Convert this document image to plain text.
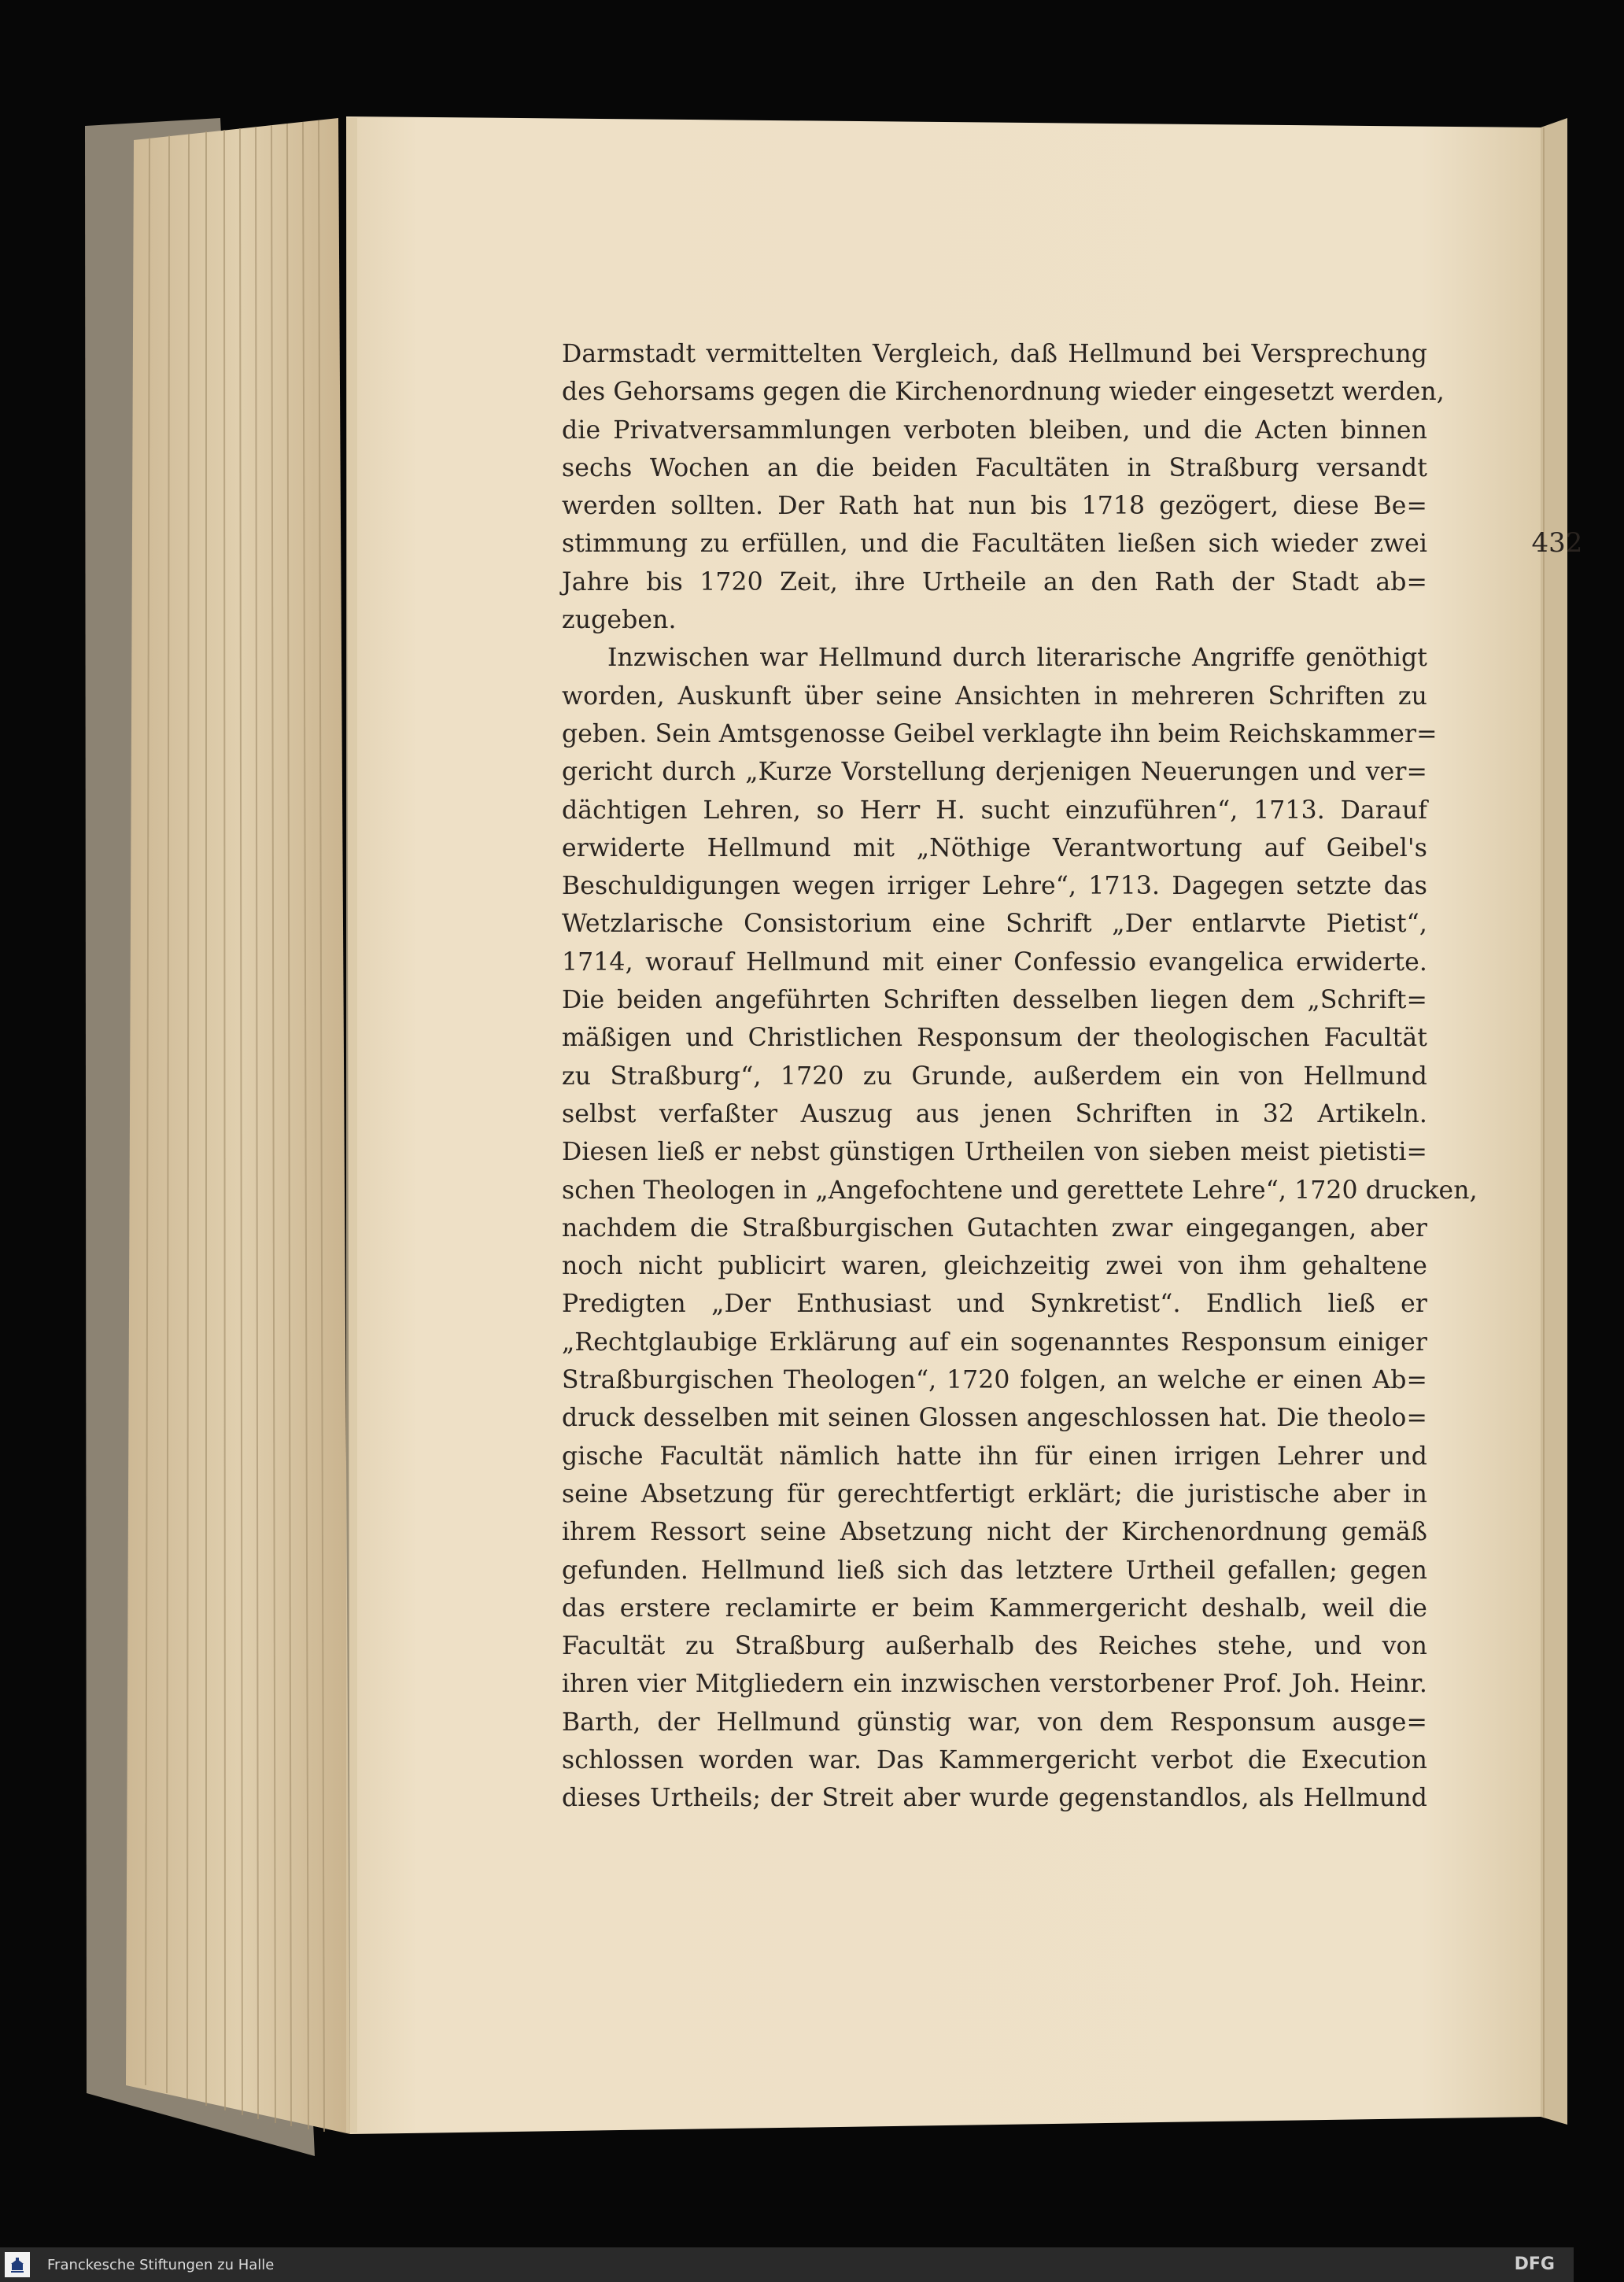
432
Darmstadt vermittelten Vergleich, daß Hellmund bei Versprechung
des Gehorsams gegen die Kirchenordnung wieder eingesetzt werden,
die Privatversammlungen verboten bleiben, und die Acten binnen
sechs Wochen an die beiden Facultäten in Straßburg versandt
werden sollten. Der Rath hat nun bis 1718 gezögert, diese Be=
stimmung zu erfüllen, und die Facultäten ließen sich wieder zwei
Jahre bis 1720 Zeit, ihre Urtheile an den Rath der Stadt ab=
zugeben.
Inzwischen war Hellmund durch literarische Angriffe genöthigt
worden, Auskunft über seine Ansichten in mehreren Schriften zu
geben. Sein Amtsgenosse Geibel verklagte ihn beim Reichskammer=
gericht durch „Kurze Vorstellung derjenigen Neuerungen und ver=
dächtigen Lehren, so Herr H. sucht einzuführen“, 1713. Darauf
erwiderte Hellmund mit „Nöthige Verantwortung auf Geibel's
Beschuldigungen wegen irriger Lehre“, 1713. Dagegen setzte das
Wetzlarische Consistorium eine Schrift „Der entlarvte Pietist“,
1714, worauf Hellmund mit einer Confessio evangelica erwiderte.
Die beiden angeführten Schriften desselben liegen dem „Schrift=
mäßigen und Christlichen Responsum der theologischen Facultät
zu Straßburg“, 1720 zu Grunde, außerdem ein von Hellmund
selbst verfaßter Auszug aus jenen Schriften in 32 Artikeln.
Diesen ließ er nebst günstigen Urtheilen von sieben meist pietisti=
schen Theologen in „Angefochtene und gerettete Lehre“, 1720 drucken,
nachdem die Straßburgischen Gutachten zwar eingegangen, aber
noch nicht publicirt waren, gleichzeitig zwei von ihm gehaltene
Predigten „Der Enthusiast und Synkretist“. Endlich ließ er
„Rechtglaubige Erklärung auf ein sogenanntes Responsum einiger
Straßburgischen Theologen“, 1720 folgen, an welche er einen Ab=
druck desselben mit seinen Glossen angeschlossen hat. Die theolo=
gische Facultät nämlich hatte ihn für einen irrigen Lehrer und
seine Absetzung für gerechtfertigt erklärt; die juristische aber in
ihrem Ressort seine Absetzung nicht der Kirchenordnung gemäß
gefunden. Hellmund ließ sich das letztere Urtheil gefallen; gegen
das erstere reclamirte er beim Kammergericht deshalb, weil die
Facultät zu Straßburg außerhalb des Reiches stehe, und von
ihren vier Mitgliedern ein inzwischen verstorbener Prof. Joh. Heinr.
Barth, der Hellmund günstig war, von dem Responsum ausge=
schlossen worden war. Das Kammergericht verbot die Execution
dieses Urtheils; der Streit aber wurde gegenstandlos, als Hellmund
Franckesche Stiftungen zu Halle	DFG
